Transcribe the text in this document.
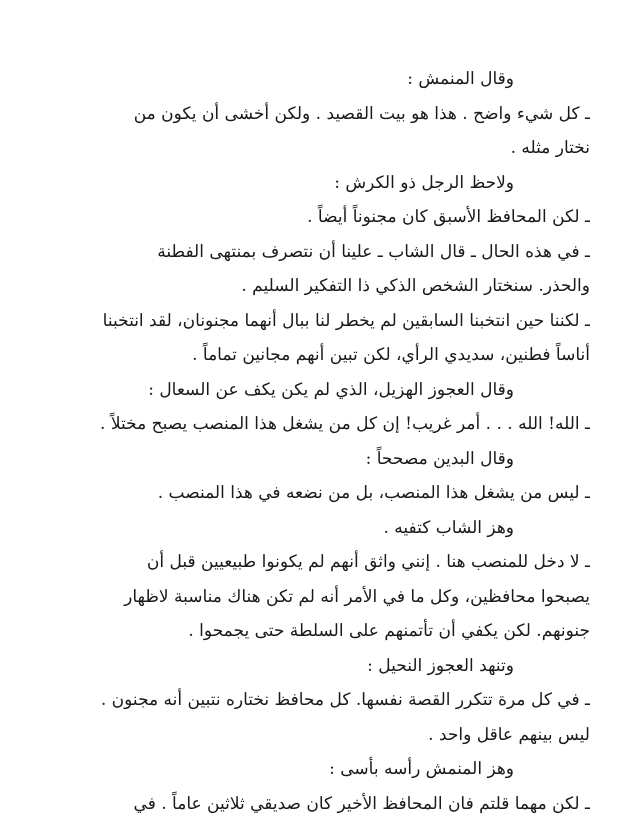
وقال المنمش :
ـ كل شيء واضح . هذا هو بيت القصيد . ولكن أخشى أن يكون من
نختار مثله .
ولاحظ الرجل ذو الكرش :
ـ لكن المحافظ الأسبق كان مجنوناً أيضاً .
ـ في هذه الحال ـ قال الشاب ـ علينا أن نتصرف بمنتهى الفطنة
والحذر. سنختار الشخص الذكي ذا التفكير السليم .
ـ لكننا حين انتخبنا السابقين لم يخطر لنا ببال أنهما مجنونان، لقد انتخبنا
أناساً فطنين، سديدي الرأي، لكن تبين أنهم مجانين تماماً .
وقال العجوز الهزيل، الذي لم يكن يكف عن السعال :
ـ الله! الله . . . أمر غريب! إن كل من يشغل هذا المنصب يصبح مختلاً .
وقال البدين مصححاً :
ـ ليس من يشغل هذا المنصب، بل من نضعه في هذا المنصب .
وهز الشاب كتفيه .
ـ لا دخل للمنصب هنا . إنني واثق أنهم لم يكونوا طبيعيين قبل أن
يصبحوا محافظين، وكل ما في الأمر أنه لم تكن هناك مناسبة لاظهار
جنونهم. لكن يكفي أن تأتمنهم على السلطة حتى يجمحوا .
وتنهد العجوز النحيل :
ـ في كل مرة تتكرر القصة نفسها. كل محافظ نختاره نتبين أنه مجنون .
ليس بينهم عاقل واحد .
وهز المنمش رأسه بأسى :
ـ لكن مهما قلتم فان المحافظ الأخير كان صديقي ثلاثين عاماً . في
